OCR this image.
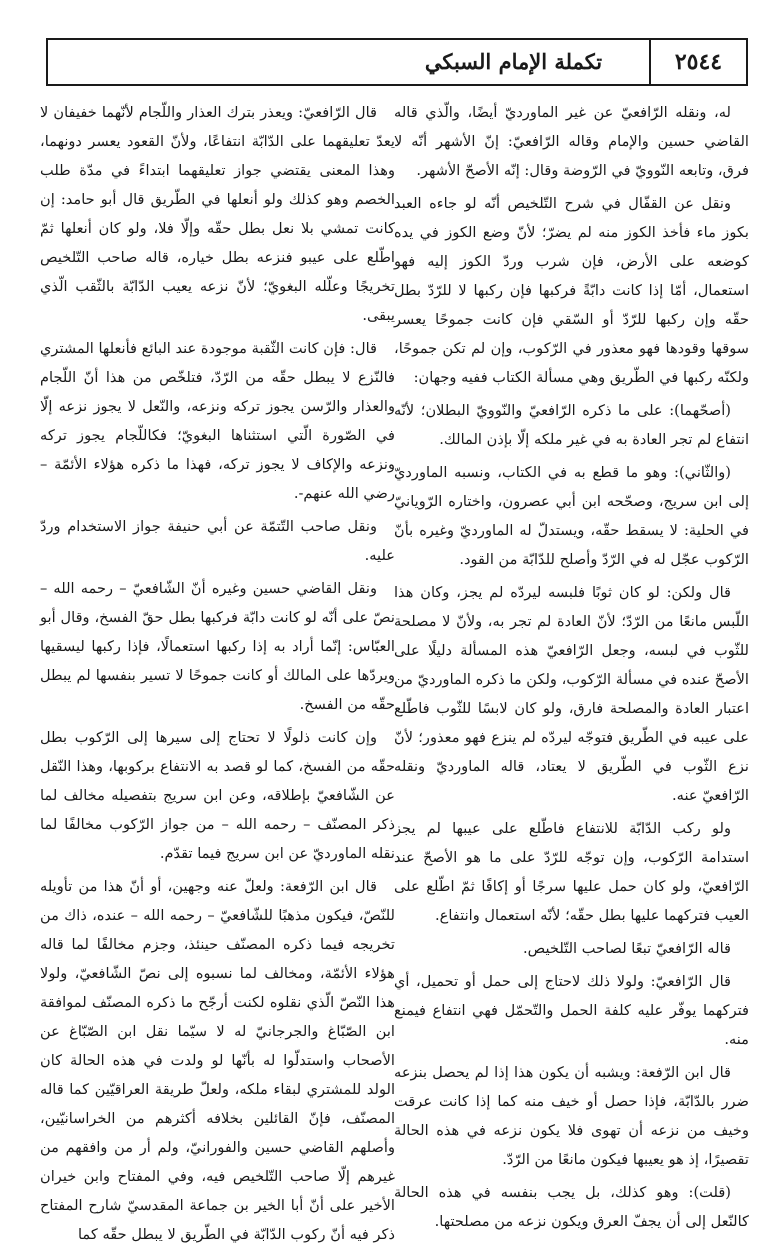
٢٥٤٤
تكملة الإمام السبكي

له، ونقله الرّافعيّ عن غير الماورديّ أيضًا، والّذي قاله القاضي حسين والإمام وقاله الرّافعيّ: إنّ الأشهر أنّه لا فرق، وتابعه النّوويّ في الرّوضة وقال: إنّه الأصحّ الأشهر.

ونقل عن القفّال في شرح التّلخيص أنّه لو جاءه العبد بكوز ماء فأخذ الكوز منه لم يضرّ؛ لأنّ وضع الكوز في يده كوضعه على الأرض، فإن شرب وردّ الكوز إليه فهو استعمال، أمّا إذا كانت دابّةً فركبها فإن ركبها لا للرّدّ بطل حقّه وإن ركبها للرّدّ أو السّقي فإن كانت جموحًا يعسر سوقها وقودها فهو معذور في الرّكوب، وإن لم تكن جموحًا، ولكنّه ركبها في الطّريق وهي مسألة الكتاب ففيه وجهان:

(أصحّهما): على ما ذكره الرّافعيّ والنّوويّ البطلان؛ لأنّه انتفاع لم تجر العادة به في غير ملكه إلّا بإذن المالك.

(والثّاني): وهو ما قطع به في الكتاب، ونسبه الماورديّ إلى ابن سريج، وصحّحه ابن أبي عصرون، واختاره الرّويانيّ في الحلية: لا يسقط حقّه، ويستدلّ له الماورديّ وغيره بأنّ الرّكوب عجّل له في الرّدّ وأصلح للدّابّة من القود.

قال ولكن: لو كان ثوبًا فلبسه ليردّه لم يجز، وكان هذا اللّبس مانعًا من الرّدّ؛ لأنّ العادة لم تجر به، ولأنّ لا مصلحة للثّوب في لبسه، وجعل الرّافعيّ هذه المسألة دليلًا على الأصحّ عنده في مسألة الرّكوب، ولكن ما ذكره الماورديّ من اعتبار العادة والمصلحة فارق، ولو كان لابسًا للثّوب فاطّلع على عيبه في الطّريق فتوجّه ليردّه لم ينزع فهو معذور؛ لأنّ نزع الثّوب في الطّريق لا يعتاد، قاله الماورديّ ونقله الرّافعيّ عنه.

ولو ركب الدّابّة للانتفاع فاطّلع على عيبها لم يجز استدامة الرّكوب، وإن توجّه للرّدّ على ما هو الأصحّ عند الرّافعيّ، ولو كان حمل عليها سرجًا أو إكافًا ثمّ اطّلع على العيب فتركهما عليها بطل حقّه؛ لأنّه استعمال وانتفاع.

قاله الرّافعيّ تبعًا لصاحب التّلخيص.

قال الرّافعيّ: ولولا ذلك لاحتاج إلى حمل أو تحميل، أي فتركهما يوفّر عليه كلفة الحمل والتّحمّل فهي انتفاع فيمنع منه.

قال ابن الرّفعة: ويشبه أن يكون هذا إذا لم يحصل بنزعه ضرر بالدّابّة، فإذا حصل أو خيف منه كما إذا كانت عرقت وخيف من نزعه أن تهوى فلا يكون نزعه في هذه الحالة تقصيرًا، إذ هو يعيبها فيكون مانعًا من الرّدّ.

(قلت): وهو كذلك، بل يجب بنفسه في هذه الحالة كالنّعل إلى أن يجفّ العرق ويكون نزعه من مصلحتها.

قال الرّافعيّ: ويعذر بترك العذار واللّجام لأنّهما خفيفان لا يعدّ تعليقهما على الدّابّة انتفاعًا، ولأنّ القعود يعسر دونهما، وهذا المعنى يقتضي جواز تعليقهما ابتداءً في مدّة طلب الخصم وهو كذلك ولو أنعلها في الطّريق قال أبو حامد: إن كانت تمشي بلا نعل بطل حقّه وإلّا فلا، ولو كان أنعلها ثمّ اطّلع على عيبو فنزعه بطل خياره، قاله صاحب التّلخيص تخريجًا وعلّله البغويّ؛ لأنّ نزعه يعيب الدّابّة بالثّقب الّذي يبقى.

قال: فإن كانت الثّقبة موجودة عند البائع فأنعلها المشتري فالنّزع لا يبطل حقّه من الرّدّ، فتلخّص من هذا أنّ اللّجام والعذار والرّسن يجوز تركه ونزعه، والنّعل لا يجوز نزعه إلّا في الصّورة الّتي استثناها البغويّ؛ فكاللّجام يجوز تركه ونزعه والإكاف لا يجوز تركه، فهذا ما ذكره هؤلاء الأئمّة –رضي الله عنهم-.

ونقل صاحب التّتمّة عن أبي حنيفة جواز الاستخدام وردّ عليه.

ونقل القاضي حسين وغيره أنّ الشّافعيّ – رحمه الله – نصّ على أنّه لو كانت دابّة فركبها بطل حقّ الفسخ، وقال أبو العبّاس: إنّما أراد به إذا ركبها استعمالًا، فإذا ركبها ليسقيها ويردّها على المالك أو كانت جموحًا لا تسير بنفسها لم يبطل حقّه من الفسخ.

وإن كانت ذلولًا لا تحتاج إلى سيرها إلى الرّكوب بطل حقّه من الفسخ، كما لو قصد به الانتفاع بركوبها، وهذا النّقل عن الشّافعيّ بإطلاقه، وعن ابن سريج بتفصيله مخالف لما ذكر المصنّف – رحمه الله – من جواز الرّكوب مخالفًا لما نقله الماورديّ عن ابن سريج فيما تقدّم.

قال ابن الرّفعة: ولعلّ عنه وجهين، أو أنّ هذا من تأويله للنّصّ، فيكون مذهبًا للشّافعيّ – رحمه الله – عنده، ذاك من تخريجه فيما ذكره المصنّف حينئذ، وجزم مخالفًا لما قاله هؤلاء الأئمّة، ومخالف لما نسبوه إلى نصّ الشّافعيّ، ولولا هذا النّصّ الّذي نقلوه لكنت أرجّح ما ذكره المصنّف لموافقة ابن الصّبّاغ والجرجانيّ له لا سيّما نقل ابن الصّبّاغ عن الأصحاب واستدلّوا له بأنّها لو ولدت في هذه الحالة كان الولد للمشتري لبقاء ملكه، ولعلّ طريقة العراقيّين كما قاله المصنّف، فإنّ القائلين بخلافه أكثرهم من الخراسانيّين، وأصلهم القاضي حسين والفورانيّ، ولم أر من وافقهم من غيرهم إلّا صاحب التّلخيص فيه، وفي المفتاح وابن خيران الأخير على أنّ أبا الخير بن جماعة المقدسيّ شارح المفتاح ذكر فيه أنّ ركوب الدّابّة في الطّريق لا يبطل حقّه كما
